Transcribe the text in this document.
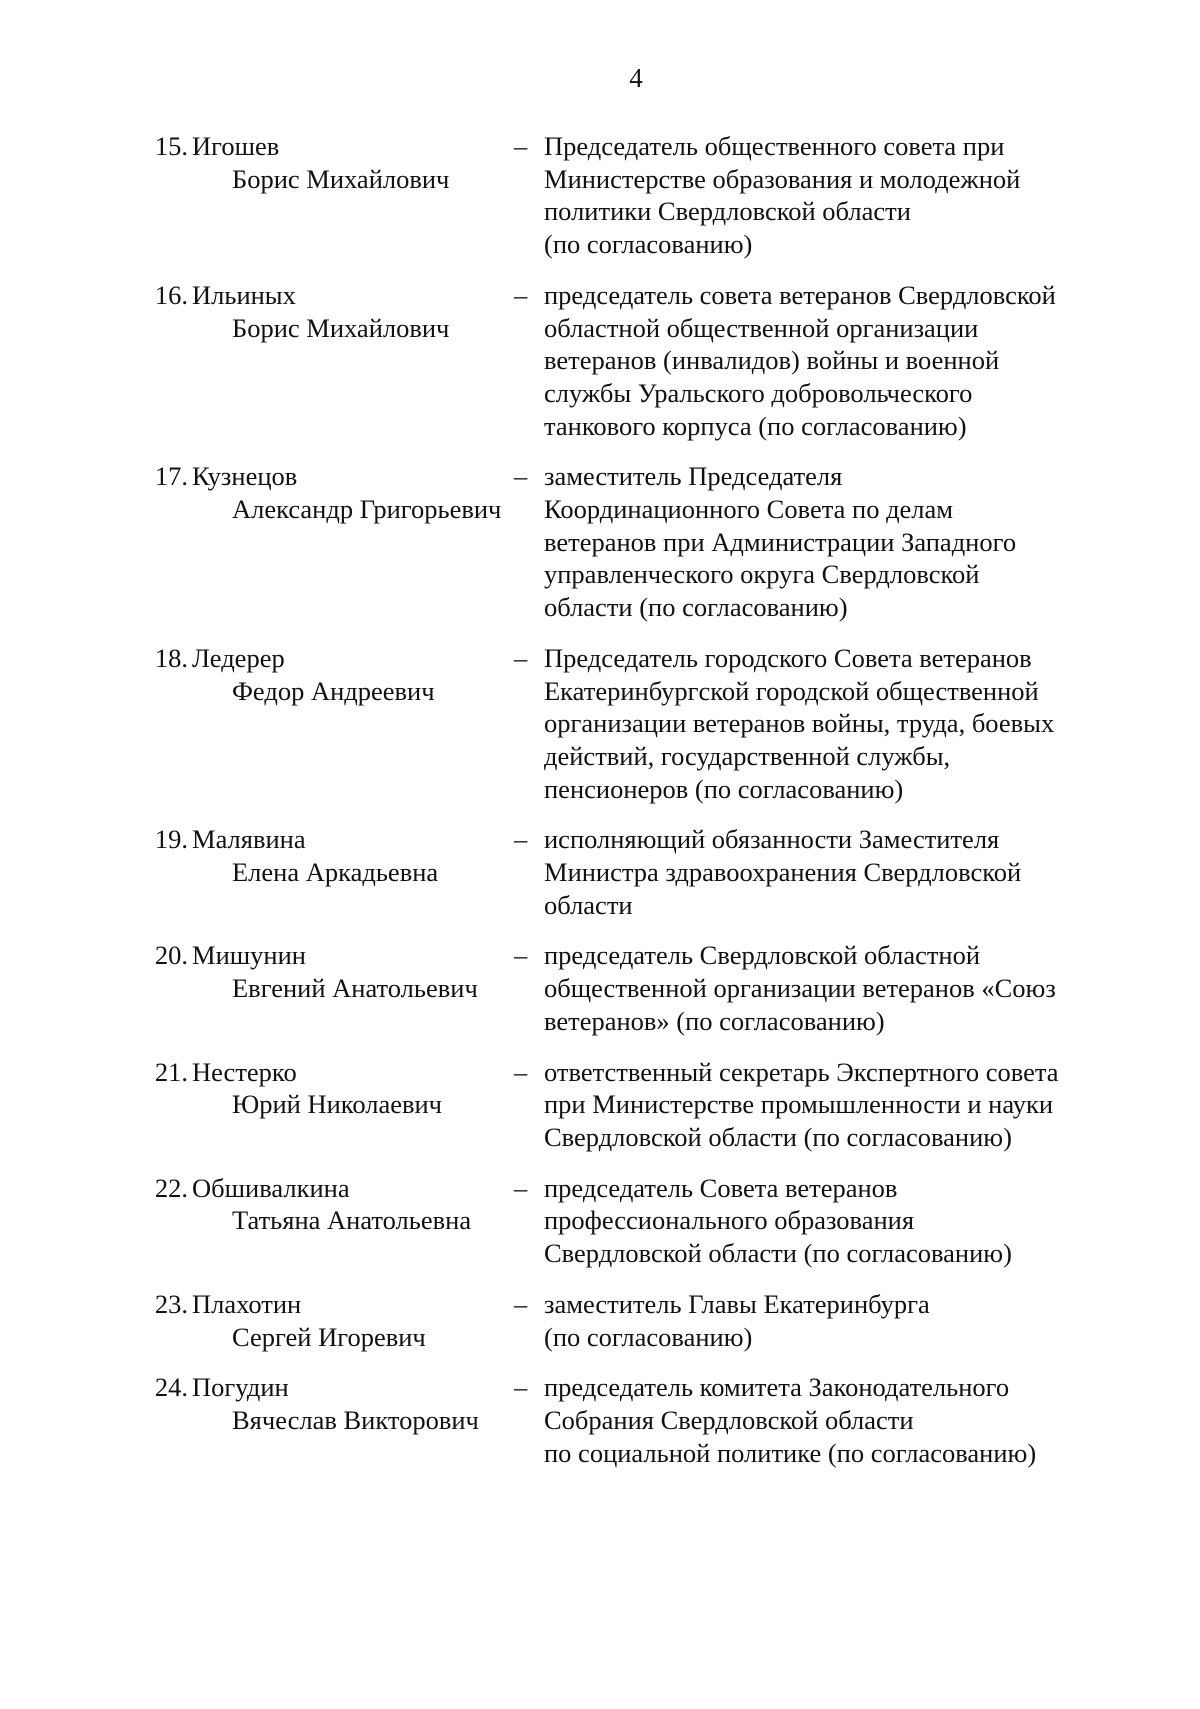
4
15. Игошев
Борис Михайлович
– Председатель общественного совета при
Министерстве образования и молодежной
политики Свердловской области
(по согласованию)
16. Ильиных
Борис Михайлович
– председатель совета ветеранов Свердловской
областной общественной организации
ветеранов (инвалидов) войны и военной
службы Уральского добровольческого
танкового корпуса (по согласованию)
17. Кузнецов
Александр Григорьевич
– заместитель Председателя
Координационного Совета по делам
ветеранов при Администрации Западного
управленческого округа Свердловской
области (по согласованию)
18. Ледерер
Федор Андреевич
– Председатель городского Совета ветеранов
Екатеринбургской городской общественной
организации ветеранов войны, труда, боевых
действий, государственной службы,
пенсионеров (по согласованию)
19. Малявина
Елена Аркадьевна
– исполняющий обязанности Заместителя
Министра здравоохранения Свердловской
области
20. Мишунин
Евгений Анатольевич
– председатель Свердловской областной
общественной организации ветеранов «Союз
ветеранов» (по согласованию)
21. Нестерко
Юрий Николаевич
– ответственный секретарь Экспертного совета
при Министерстве промышленности и науки
Свердловской области (по согласованию)
22. Обшивалкина
Татьяна Анатольевна
– председатель Совета ветеранов
профессионального образования
Свердловской области (по согласованию)
23. Плахотин
Сергей Игоревич
– заместитель Главы Екатеринбурга
(по согласованию)
24. Погудин
Вячеслав Викторович
– председатель комитета Законодательного
Собрания Свердловской области
по социальной политике (по согласованию)
